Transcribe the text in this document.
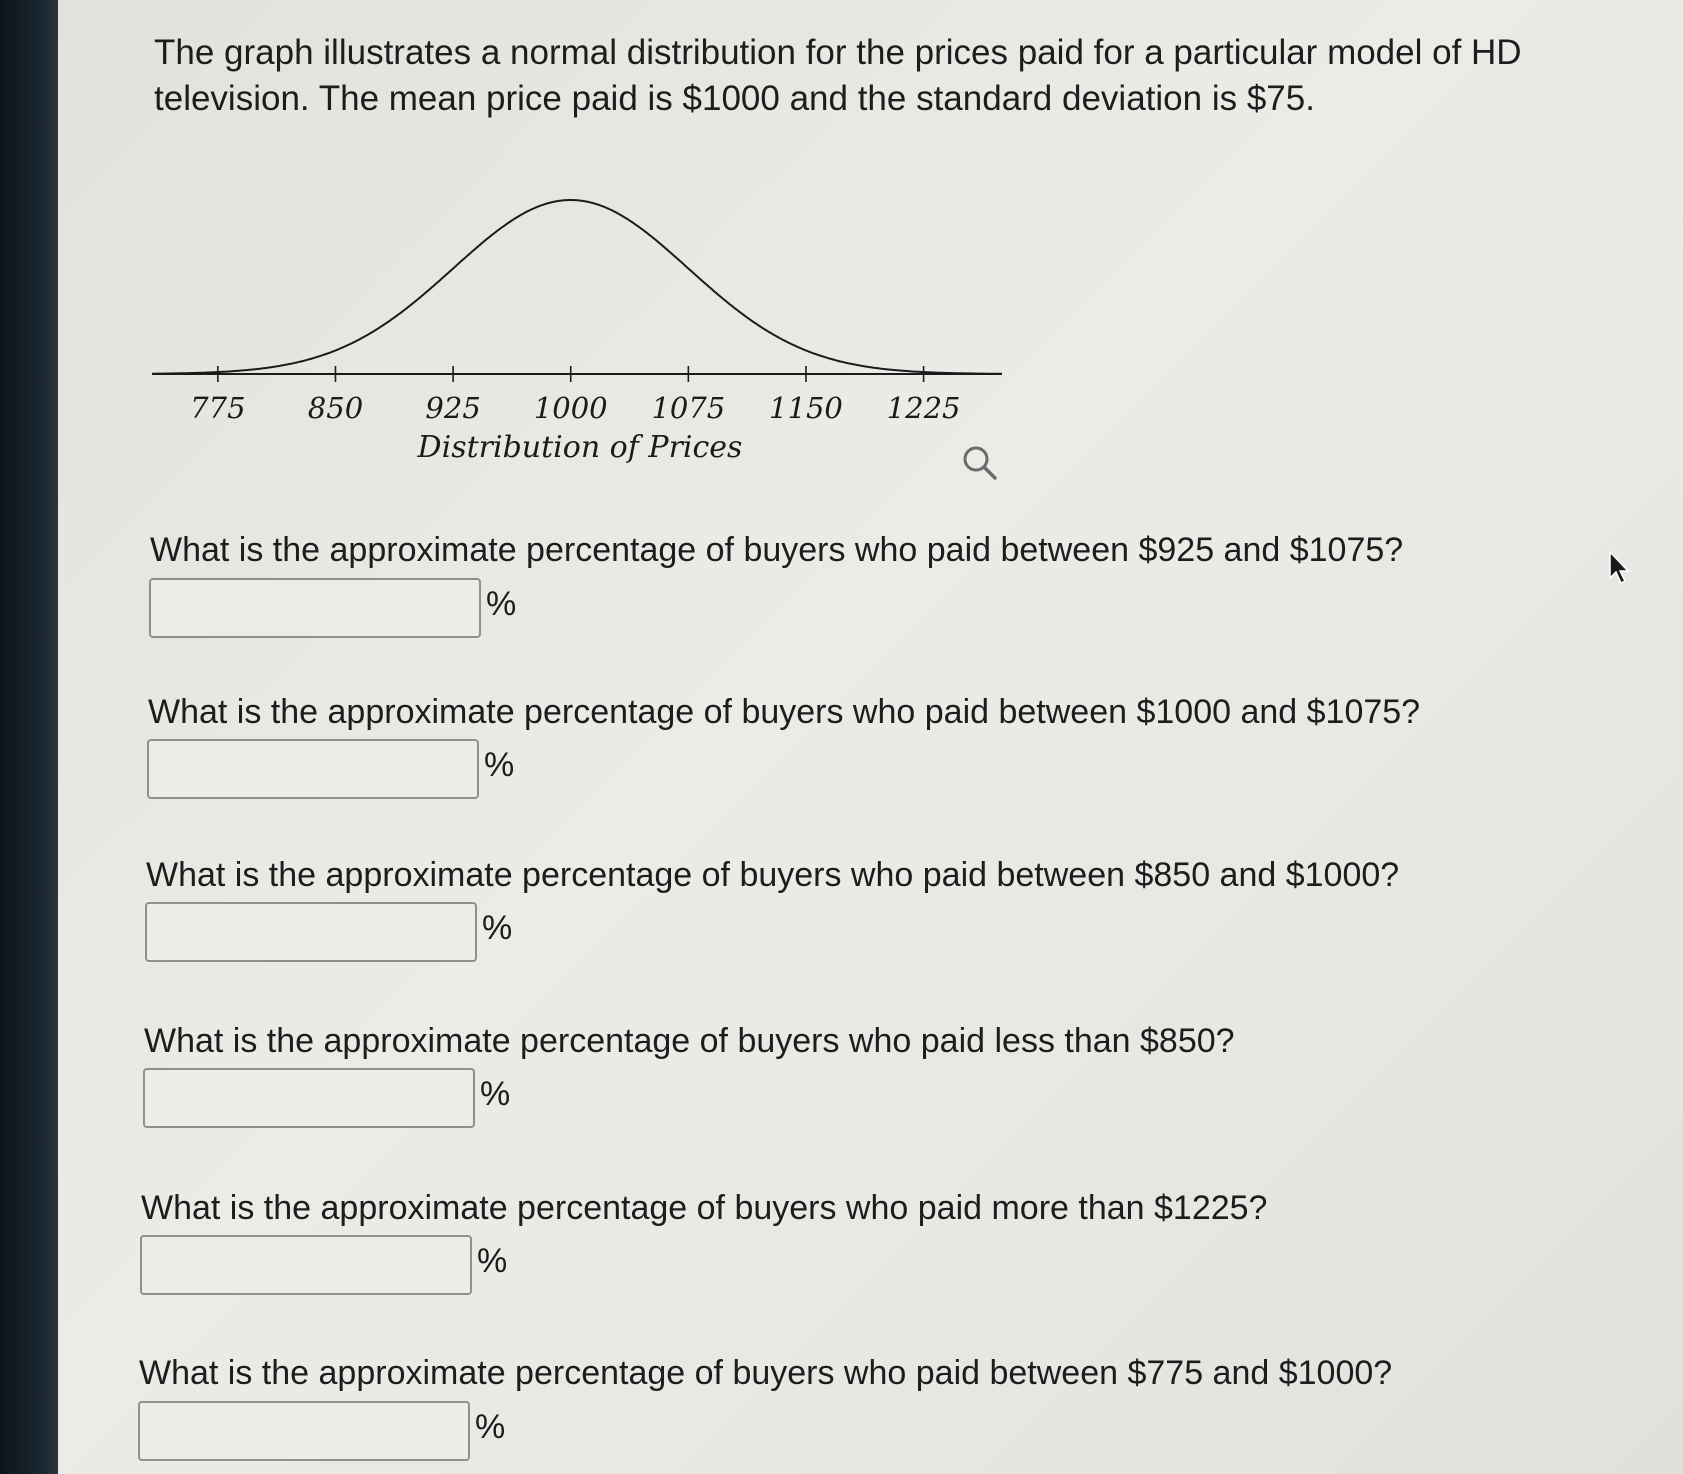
The graph illustrates a normal distribution for the prices paid for a particular model of HD
television. The mean price paid is $1000 and the standard deviation is $75.

775 850 925 1000 1075 1150 1225
Distribution of Prices
What is the approximate percentage of buyers who paid between $925 and $1075?
%
What is the approximate percentage of buyers who paid between $1000 and $1075?
%
What is the approximate percentage of buyers who paid between $850 and $1000?
%
What is the approximate percentage of buyers who paid less than $850?
%
What is the approximate percentage of buyers who paid more than $1225?
%
What is the approximate percentage of buyers who paid between $775 and $1000?
%
